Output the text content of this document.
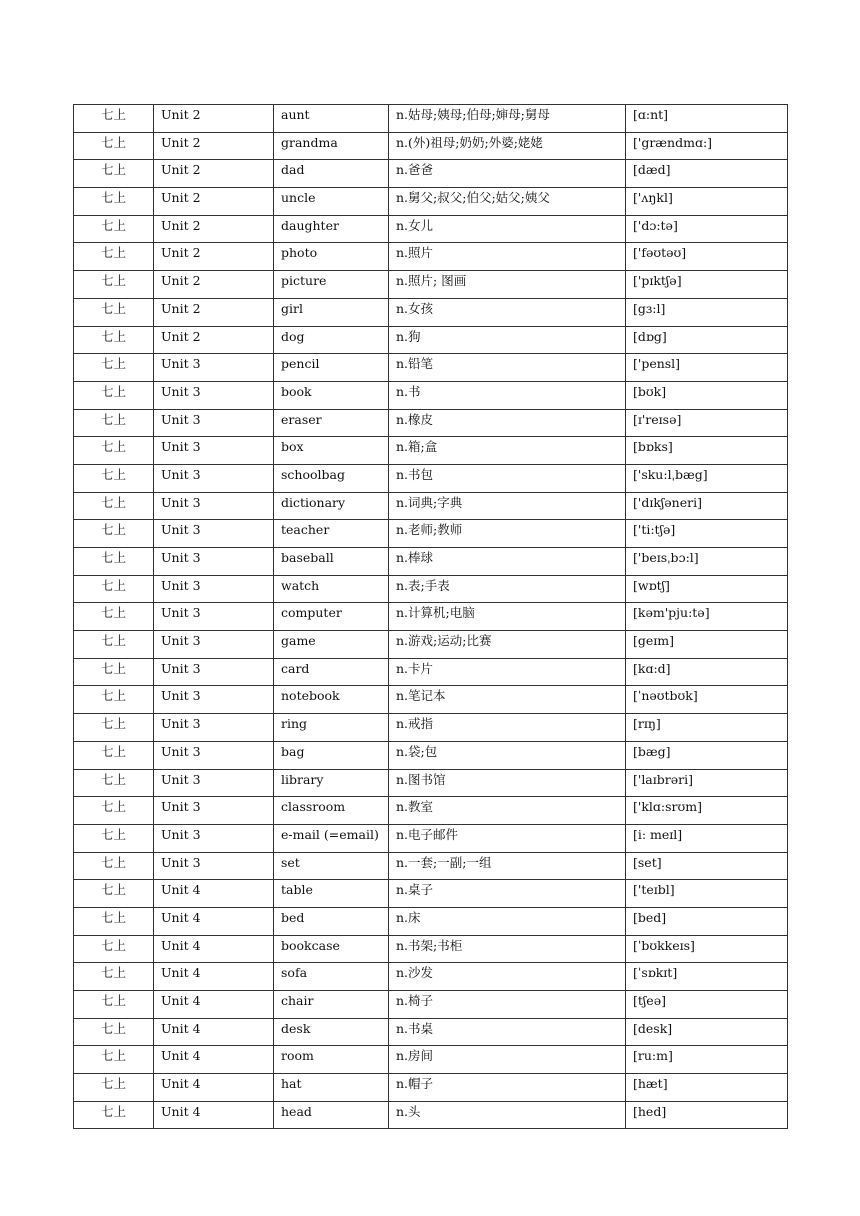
七上	Unit 2	aunt	n.姑母;姨母;伯母;婶母;舅母	[ɑ:nt]
七上	Unit 2	grandma	n.(外)祖母;奶奶;外婆;姥姥	['grændmɑ:]
七上	Unit 2	dad	n.爸爸	[dæd]
七上	Unit 2	uncle	n.舅父;叔父;伯父;姑父;姨父	['ʌŋkl]
七上	Unit 2	daughter	n.女儿	['dɔ:tə]
七上	Unit 2	photo	n.照片	['fəʊtəʊ]
七上	Unit 2	picture	n.照片; 图画	['pɪktʃə]
七上	Unit 2	girl	n.女孩	[gɜ:l]
七上	Unit 2	dog	n.狗	[dɒg]
七上	Unit 3	pencil	n.铅笔	['pensl]
七上	Unit 3	book	n.书	[bʊk]
七上	Unit 3	eraser	n.橡皮	[ɪ'reɪsə]
七上	Unit 3	box	n.箱;盒	[bɒks]
七上	Unit 3	schoolbag	n.书包	['sku:lˌbæg]
七上	Unit 3	dictionary	n.词典;字典	['dɪkʃəneri]
七上	Unit 3	teacher	n.老师;教师	['ti:tʃə]
七上	Unit 3	baseball	n.棒球	['beɪsˌbɔ:l]
七上	Unit 3	watch	n.表;手表	[wɒtʃ]
七上	Unit 3	computer	n.计算机;电脑	[kəm'pju:tə]
七上	Unit 3	game	n.游戏;运动;比赛	[geɪm]
七上	Unit 3	card	n.卡片	[kɑ:d]
七上	Unit 3	notebook	n.笔记本	[ˈnəʊtbʊk]
七上	Unit 3	ring	n.戒指	[rɪŋ]
七上	Unit 3	bag	n.袋;包	[bæg]
七上	Unit 3	library	n.图书馆	['laɪbrəri]
七上	Unit 3	classroom	n.教室	['klɑ:srʊm]
七上	Unit 3	e-mail (=email)	n.电子邮件	[i: meɪl]
七上	Unit 3	set	n.一套;一副;一组	[set]
七上	Unit 4	table	n.桌子	['teɪbl]
七上	Unit 4	bed	n.床	[bed]
七上	Unit 4	bookcase	n.书架;书柜	[ˈbʊkkeɪs]
七上	Unit 4	sofa	n.沙发	[ˈsɒkɪt]
七上	Unit 4	chair	n.椅子	[tʃeə]
七上	Unit 4	desk	n.书桌	[desk]
七上	Unit 4	room	n.房间	[ru:m]
七上	Unit 4	hat	n.帽子	[hæt]
七上	Unit 4	head	n.头	[hed]
